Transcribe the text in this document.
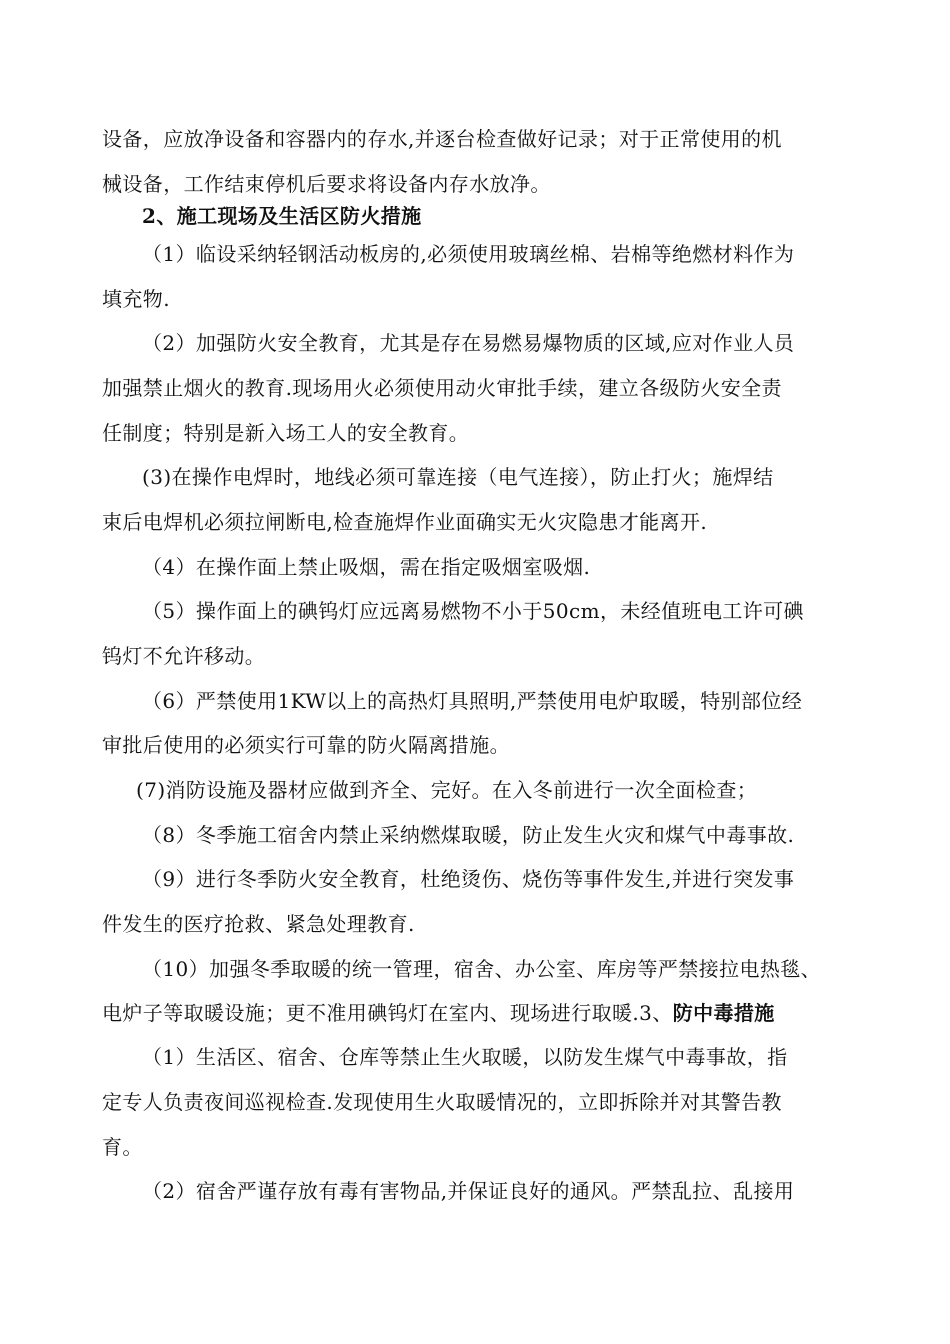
设备，应放净设备和容器内的存水,并逐台检查做好记录；对于正常使用的机
械设备，工作结束停机后要求将设备内存水放净。
2、施工现场及生活区防火措施
（1）临设采纳轻钢活动板房的,必须使用玻璃丝棉、岩棉等绝燃材料作为
填充物.
（2）加强防火安全教育，尤其是存在易燃易爆物质的区域,应对作业人员
加强禁止烟火的教育.现场用火必须使用动火审批手续，建立各级防火安全责
任制度；特别是新入场工人的安全教育。
(3)在操作电焊时，地线必须可靠连接（电气连接），防止打火；施焊结
束后电焊机必须拉闸断电,检查施焊作业面确实无火灾隐患才能离开.
（4）在操作面上禁止吸烟，需在指定吸烟室吸烟.
（5）操作面上的碘钨灯应远离易燃物不小于50cm，未经值班电工许可碘
钨灯不允许移动。
（6）严禁使用1KW以上的高热灯具照明,严禁使用电炉取暖，特别部位经
审批后使用的必须实行可靠的防火隔离措施。
(7)消防设施及器材应做到齐全、完好。在入冬前进行一次全面检查；
（8）冬季施工宿舍内禁止采纳燃煤取暖，防止发生火灾和煤气中毒事故.
（9）进行冬季防火安全教育，杜绝烫伤、烧伤等事件发生,并进行突发事
件发生的医疗抢救、紧急处理教育.
（10）加强冬季取暖的统一管理，宿舍、办公室、库房等严禁接拉电热毯、
电炉子等取暖设施；更不准用碘钨灯在室内、现场进行取暖.3、防中毒措施
（1）生活区、宿舍、仓库等禁止生火取暖，以防发生煤气中毒事故，指
定专人负责夜间巡视检查.发现使用生火取暖情况的，立即拆除并对其警告教
育。
（2）宿舍严谨存放有毒有害物品,并保证良好的通风。严禁乱拉、乱接用
